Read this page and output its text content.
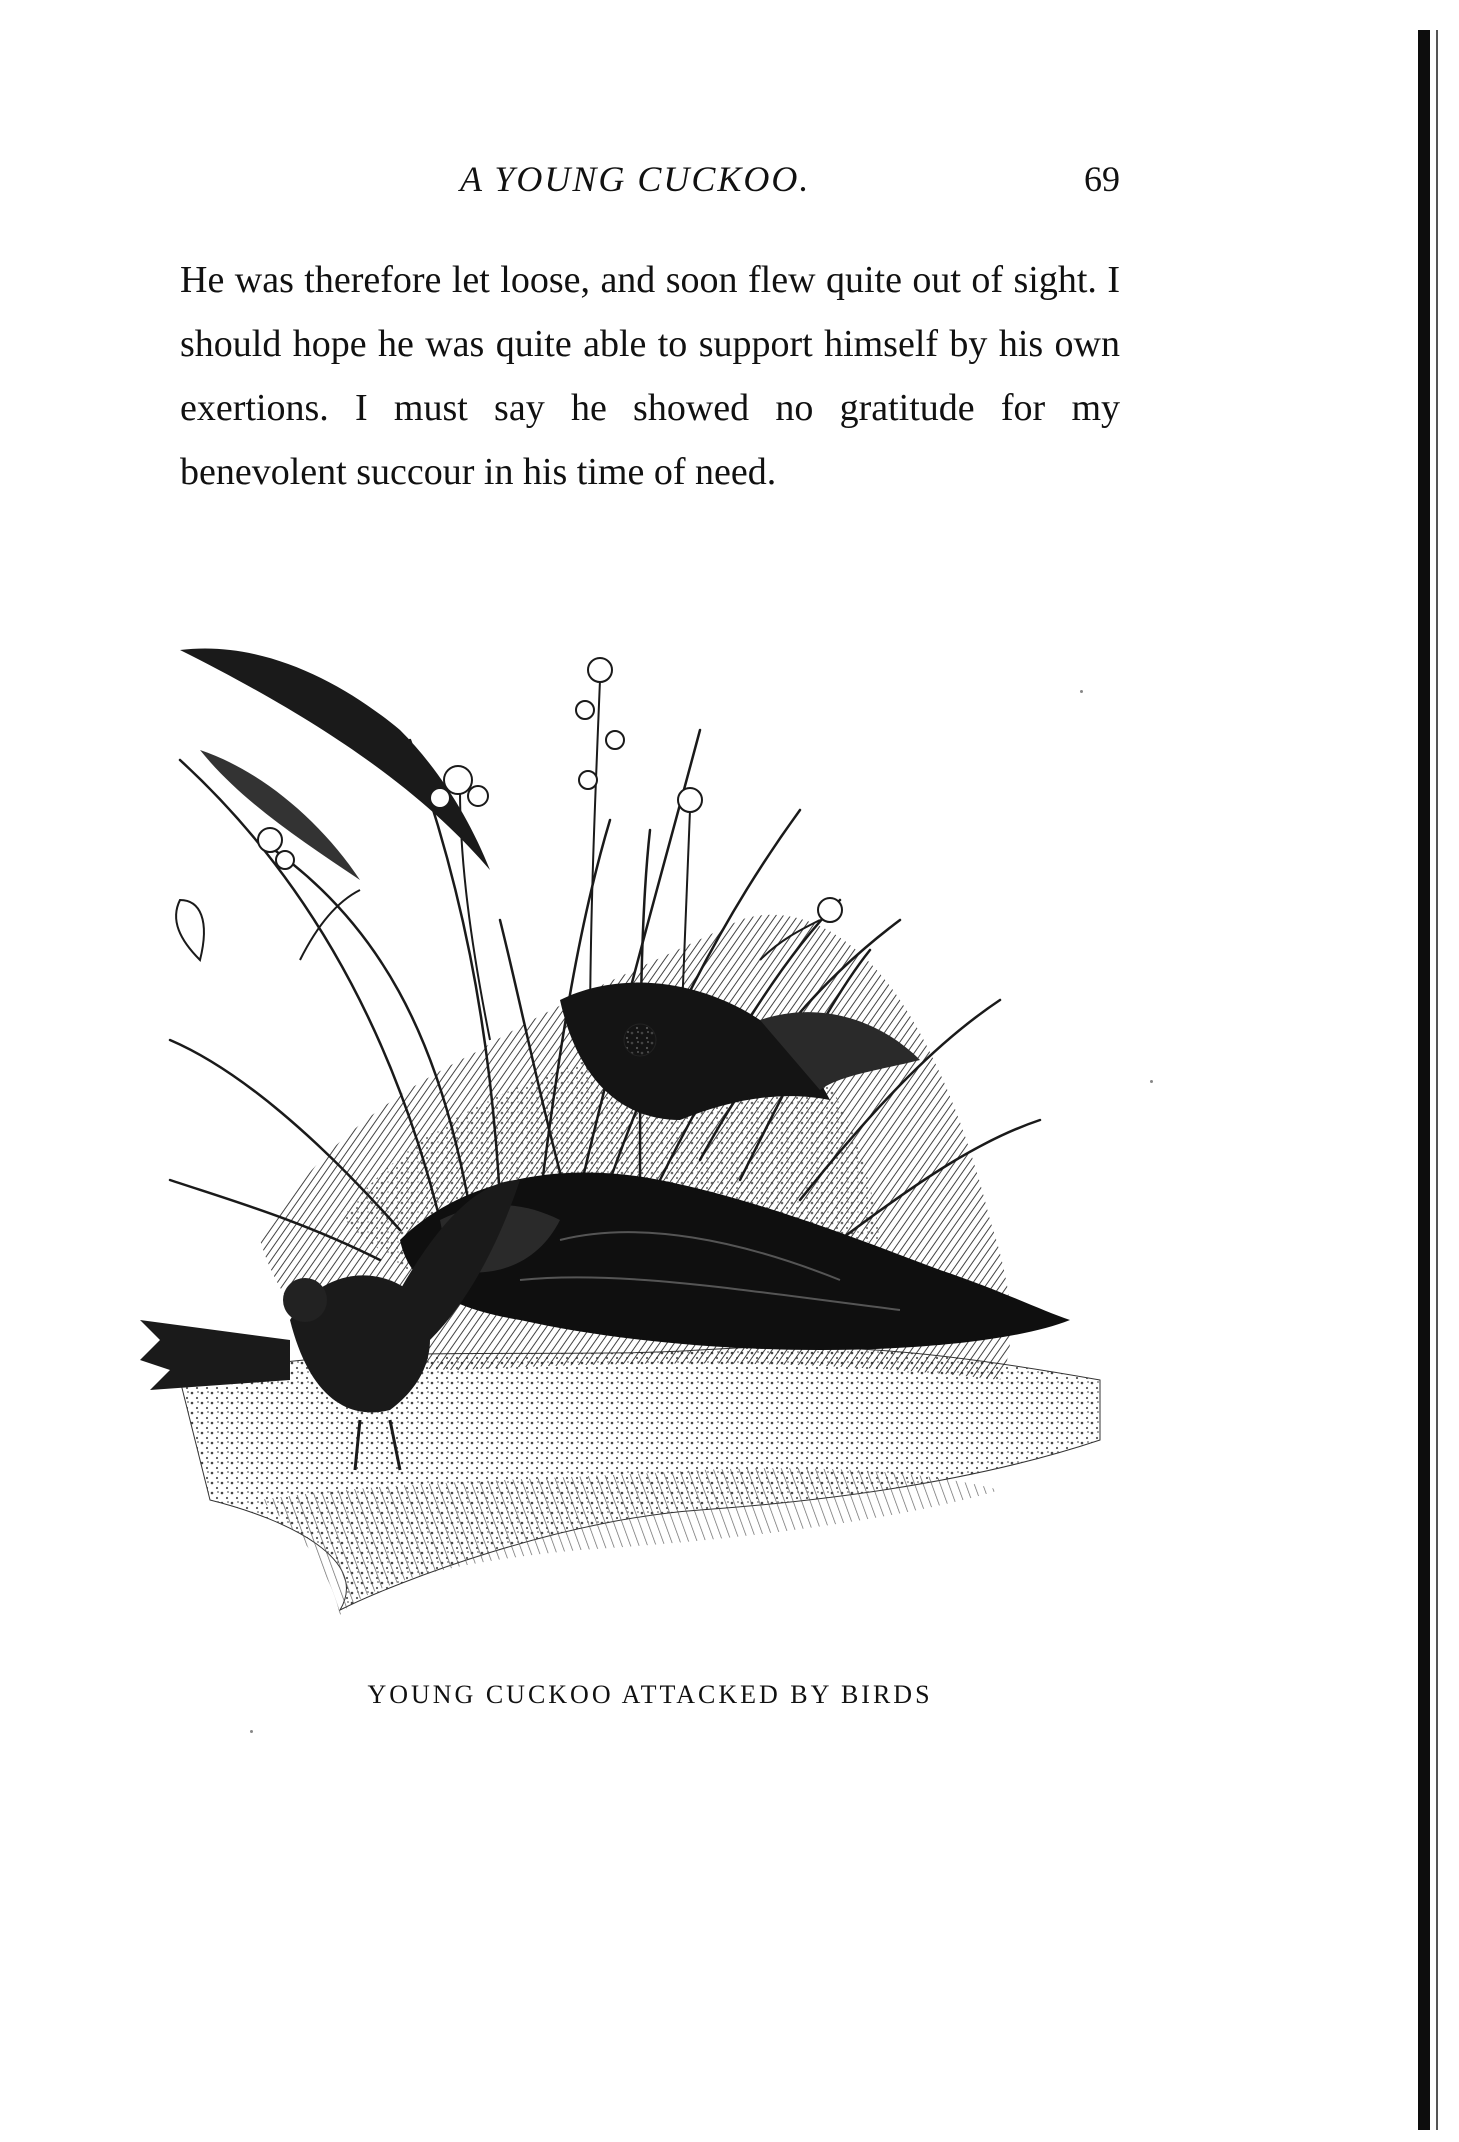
A YOUNG CUCKOO.	69

He was therefore let loose, and soon flew quite out of sight. I should hope he was quite able to support himself by his own exertions. I must say he showed no gratitude for my benevolent succour in his time of need.

YOUNG CUCKOO ATTACKED BY BIRDS
